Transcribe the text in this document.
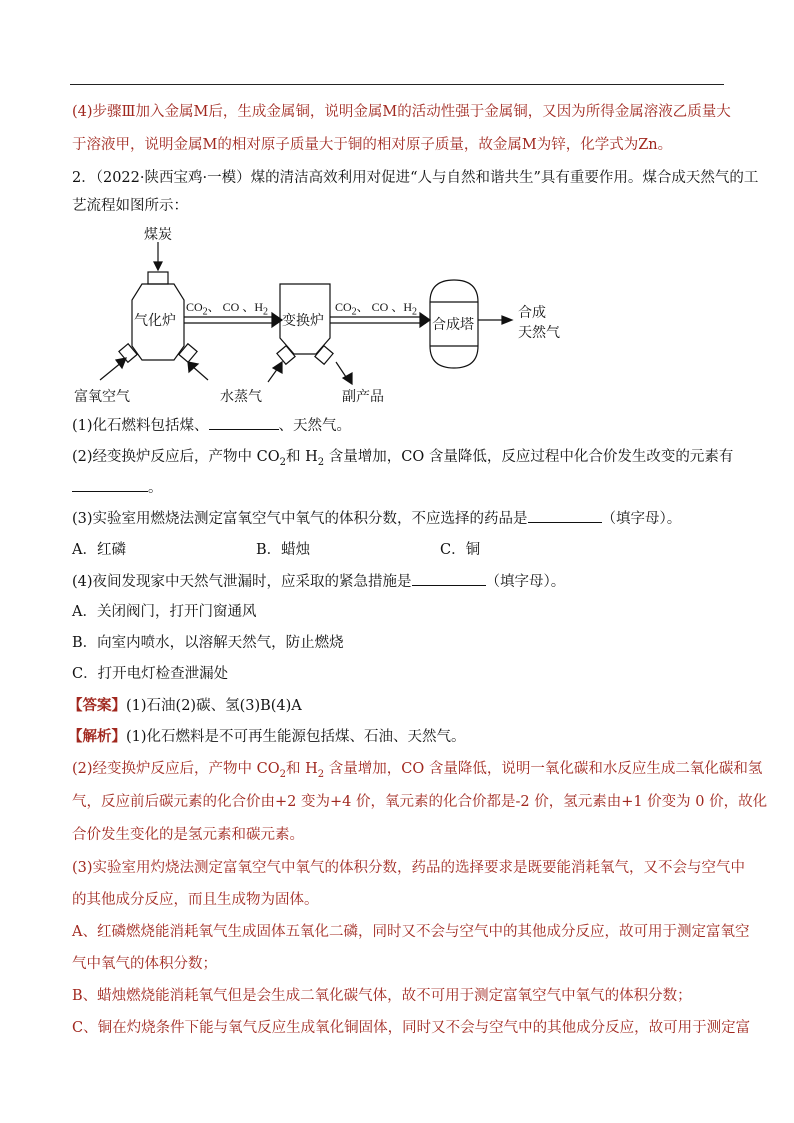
(4)步骤Ⅲ加入金属M后，生成金属铜，说明金属M的活动性强于金属铜，又因为所得金属溶液乙质量大
于溶液甲，说明金属M的相对原子质量大于铜的相对原子质量，故金属M为锌，化学式为Zn。
2．（2022·陕西宝鸡·一模）煤的清洁高效利用对促进“人与自然和谐共生”具有重要作用。煤合成天然气的工
艺流程如图所示：
煤炭
气化炉	变换炉	合成塔
$CO_2$、 CO 、$H_2$	$CO_2$、 CO 、$H_2$	合成
天然气
富氧空气	水蒸气	副产品
(1)化石燃料包括煤、	、天然气。
(2)经变换炉反应后，产物中 $CO_2$和 $H_2$ 含量增加，CO 含量降低，反应过程中化合价发生改变的元素有
。
(3)实验室用燃烧法测定富氧空气中氧气的体积分数，不应选择的药品是	（填字母）。
A．红磷	B．蜡烛	C．铜
(4)夜间发现家中天然气泄漏时，应采取的紧急措施是	（填字母）。
A．关闭阀门，打开门窗通风
B．向室内喷水，以溶解天然气，防止燃烧
C．打开电灯检查泄漏处
【答案】(1)石油(2)碳、氢(3)B(4)A
【解析】(1)化石燃料是不可再生能源包括煤、石油、天然气。
(2)经变换炉反应后，产物中 $CO_2$和 $H_2$ 含量增加，CO 含量降低，说明一氧化碳和水反应生成二氧化碳和氢
气，反应前后碳元素的化合价由+2 变为+4 价，氧元素的化合价都是-2 价，氢元素由+1 价变为 0 价，故化
合价发生变化的是氢元素和碳元素。
(3)实验室用灼烧法测定富氧空气中氧气的体积分数，药品的选择要求是既要能消耗氧气，又不会与空气中
的其他成分反应，而且生成物为固体。
A、红磷燃烧能消耗氧气生成固体五氧化二磷，同时又不会与空气中的其他成分反应，故可用于测定富氧空
气中氧气的体积分数；
B、蜡烛燃烧能消耗氧气但是会生成二氧化碳气体，故不可用于测定富氧空气中氧气的体积分数；
C、铜在灼烧条件下能与氧气反应生成氧化铜固体，同时又不会与空气中的其他成分反应，故可用于测定富
